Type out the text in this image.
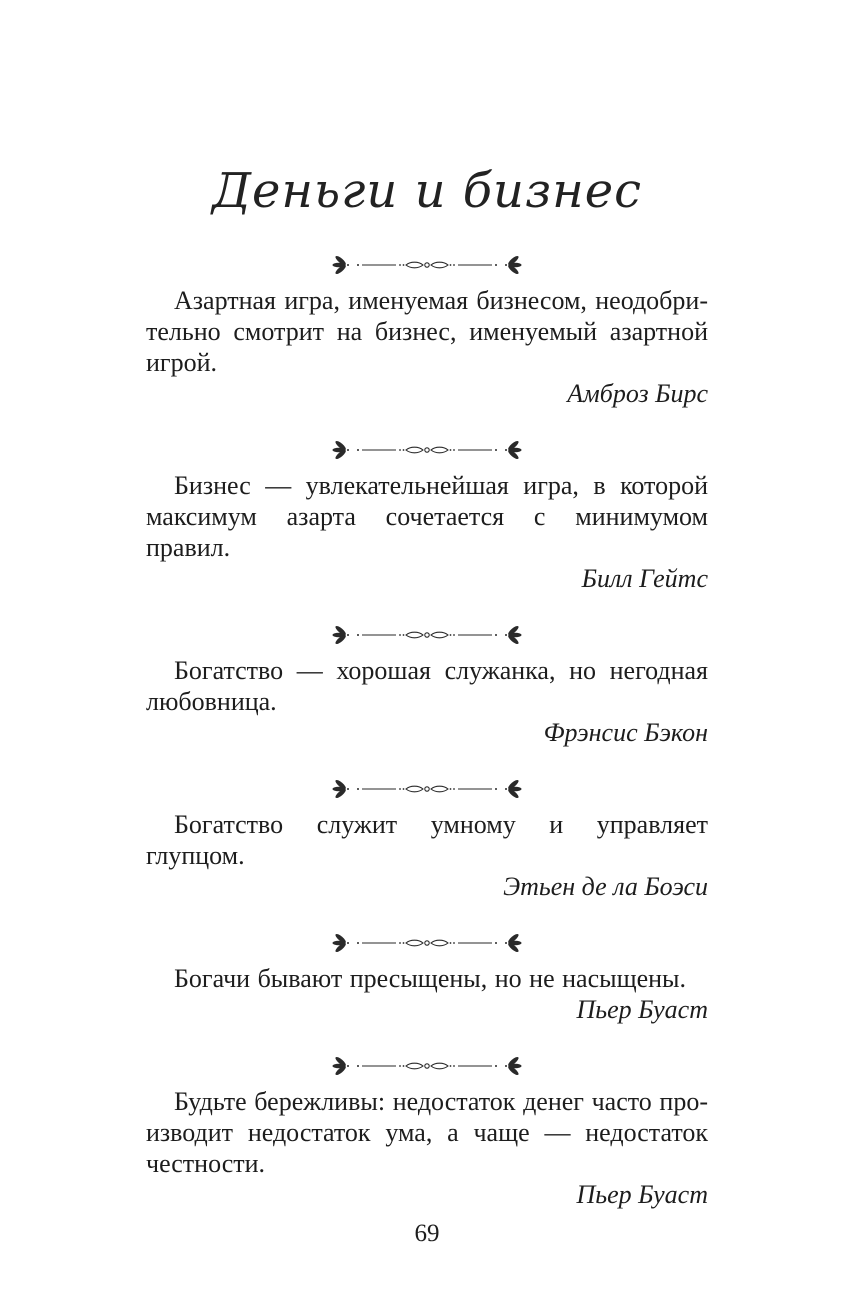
Деньги и бизнес

Азартная игра, именуемая бизнесом, неодобрительно смотрит на бизнес, именуемый азартной игрой.

Амброз Бирс

Бизнес — увлекательнейшая игра, в которой максимум азарта сочетается с минимумом правил.

Билл Гейтс

Богатство — хорошая служанка, но негодная любовница.

Фрэнсис Бэкон

Богатство служит умному и управляет глупцом.

Этьен де ла Боэси

Богачи бывают пресыщены, но не насыщены.

Пьер Буаст

Будьте бережливы: недостаток денег часто производит недостаток ума, а чаще — недостаток честности.

Пьер Буаст

69
